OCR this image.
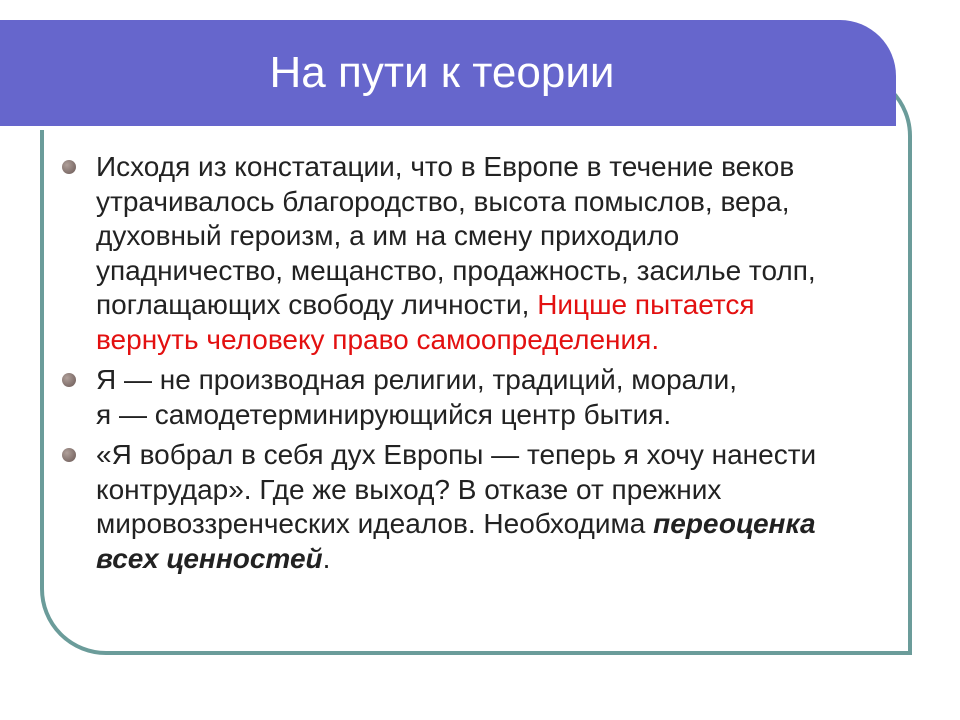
На пути к теории
Исходя из констатации, что в Европе в течение веков утрачивалось благородство, высота помыслов, вера, духовный героизм, а им на смену приходило упадничество, мещанство, продажность, засилье толп, поглащающих свободу личности, Ницше пытается вернуть человеку право самоопределения.
Я — не производная религии, традиций, морали,
я — самодетерминирующийся центр бытия.
«Я вобрал в себя дух Европы — теперь я хочу нанести контрудар». Где же выход? В отказе от прежних мировоззренческих идеалов. Необходима переоценка всех ценностей.
